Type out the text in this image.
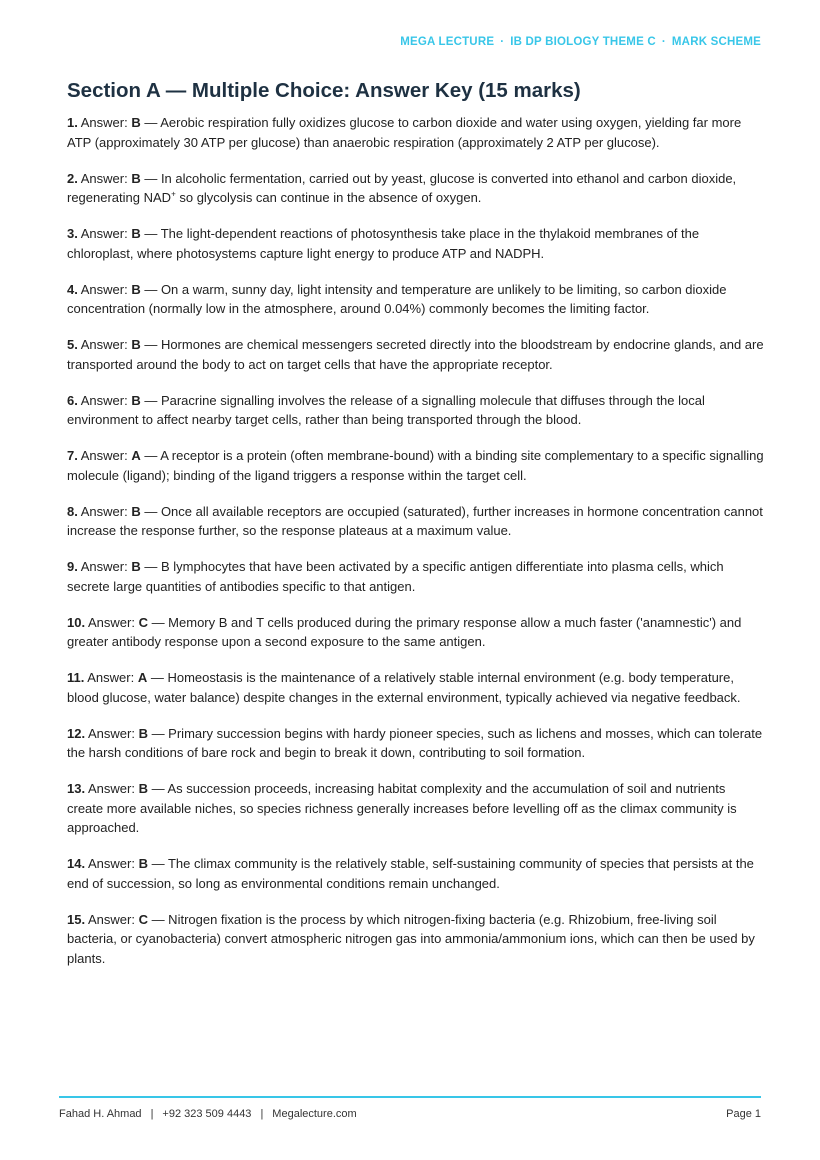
MEGA LECTURE · IB DP BIOLOGY THEME C · MARK SCHEME
Section A — Multiple Choice: Answer Key (15 marks)

1. Answer: B — Aerobic respiration fully oxidizes glucose to carbon dioxide and water using oxygen, yielding far more ATP (approximately 30 ATP per glucose) than anaerobic respiration (approximately 2 ATP per glucose).

2. Answer: B — In alcoholic fermentation, carried out by yeast, glucose is converted into ethanol and carbon dioxide, regenerating NAD+ so glycolysis can continue in the absence of oxygen.

3. Answer: B — The light-dependent reactions of photosynthesis take place in the thylakoid membranes of the chloroplast, where photosystems capture light energy to produce ATP and NADPH.

4. Answer: B — On a warm, sunny day, light intensity and temperature are unlikely to be limiting, so carbon dioxide concentration (normally low in the atmosphere, around 0.04%) commonly becomes the limiting factor.

5. Answer: B — Hormones are chemical messengers secreted directly into the bloodstream by endocrine glands, and are transported around the body to act on target cells that have the appropriate receptor.

6. Answer: B — Paracrine signalling involves the release of a signalling molecule that diffuses through the local environment to affect nearby target cells, rather than being transported through the blood.

7. Answer: A — A receptor is a protein (often membrane-bound) with a binding site complementary to a specific signalling molecule (ligand); binding of the ligand triggers a response within the target cell.

8. Answer: B — Once all available receptors are occupied (saturated), further increases in hormone concentration cannot increase the response further, so the response plateaus at a maximum value.

9. Answer: B — B lymphocytes that have been activated by a specific antigen differentiate into plasma cells, which secrete large quantities of antibodies specific to that antigen.

10. Answer: C — Memory B and T cells produced during the primary response allow a much faster ('anamnestic') and greater antibody response upon a second exposure to the same antigen.

11. Answer: A — Homeostasis is the maintenance of a relatively stable internal environment (e.g. body temperature, blood glucose, water balance) despite changes in the external environment, typically achieved via negative feedback.

12. Answer: B — Primary succession begins with hardy pioneer species, such as lichens and mosses, which can tolerate the harsh conditions of bare rock and begin to break it down, contributing to soil formation.

13. Answer: B — As succession proceeds, increasing habitat complexity and the accumulation of soil and nutrients create more available niches, so species richness generally increases before levelling off as the climax community is approached.

14. Answer: B — The climax community is the relatively stable, self-sustaining community of species that persists at the end of succession, so long as environmental conditions remain unchanged.

15. Answer: C — Nitrogen fixation is the process by which nitrogen-fixing bacteria (e.g. Rhizobium, free-living soil bacteria, or cyanobacteria) convert atmospheric nitrogen gas into ammonia/ammonium ions, which can then be used by plants.

Fahad H. Ahmad | +92 323 509 4443 | Megalecture.com	Page 1
